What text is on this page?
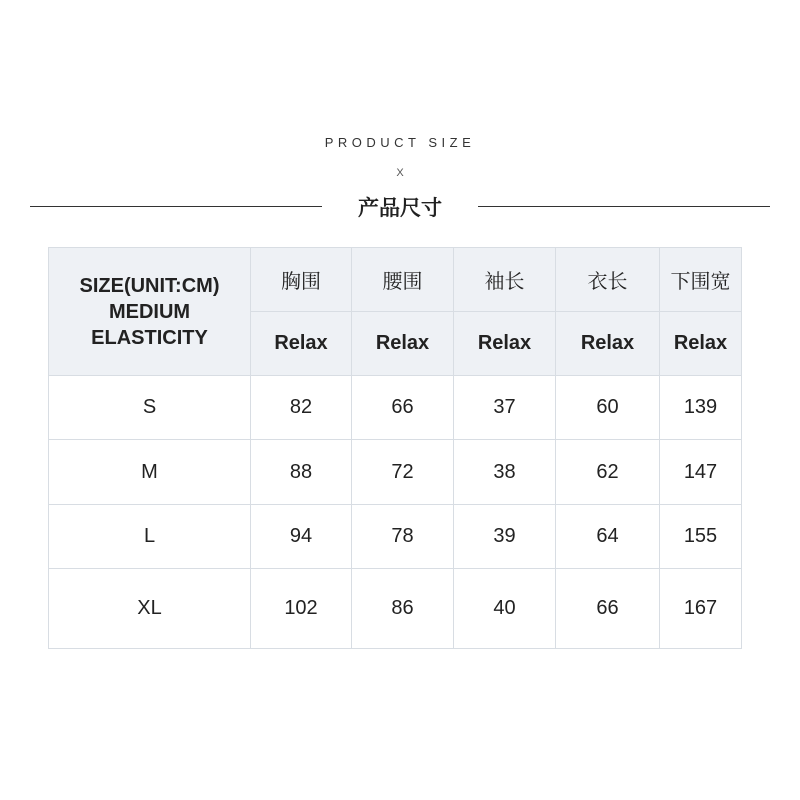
PRODUCT SIZE
X
产品尺寸
SIZE(UNIT:CM)
MEDIUM
ELASTICITY	胸围	腰围	袖长	衣长	下围宽
	Relax	Relax	Relax	Relax	Relax
S	82	66	37	60	139
M	88	72	38	62	147
L	94	78	39	64	155
XL	102	86	40	66	167
